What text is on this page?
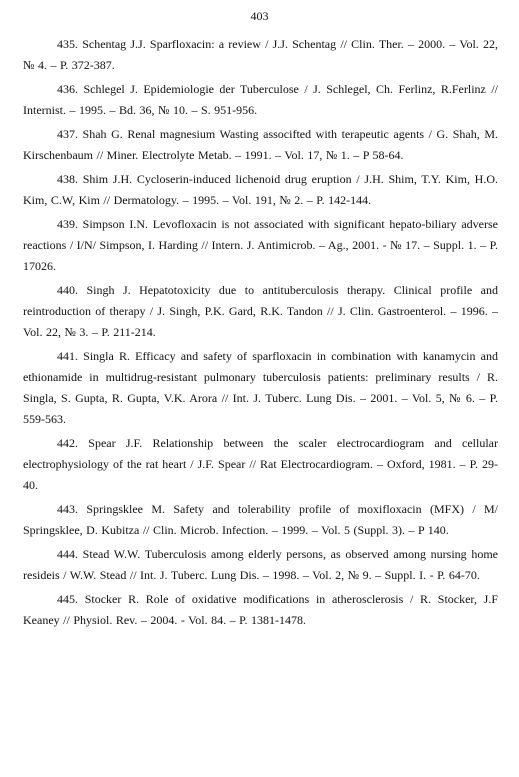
403

435. Schentag J.J. Sparfloxacin: a review / J.J. Schentag // Clin. Ther. – 2000. – Vol. 22, № 4. – P. 372-387.

436. Schlegel J. Epidemiologie der Tuberculose / J. Schlegel, Ch. Ferlinz, R.Ferlinz // Internist. – 1995. – Bd. 36, № 10. – S. 951-956.

437. Shah G. Renal magnesium Wasting associfted with terapeutic agents / G. Shah, M. Kirschenbaum // Miner. Electrolyte Metab. – 1991. – Vol. 17, № 1. – P 58-64.

438. Shim J.H. Cycloserin-induced lichenoid drug eruption / J.H. Shim, T.Y. Kim, H.O. Kim, C.W, Kim // Dermatology. – 1995. – Vol. 191, № 2. – P. 142-144.

439. Simpson I.N. Levofloxacin is not associated with significant hepato-biliary adverse reactions / I/N/ Simpson, I. Harding // Intern. J. Antimicrob. – Ag., 2001. - № 17. – Suppl. 1. – P. 17026.

440. Singh J. Hepatotoxicity due to antituberculosis therapy. Clinical profile and reintroduction of therapy / J. Singh, P.K. Gard, R.K. Tandon // J. Clin. Gastroenterol. – 1996. – Vol. 22, № 3. – P. 211-214.

441. Singla R. Efficacy and safety of sparfloxacin in combination with kanamycin and ethionamide in multidrug-resistant pulmonary tuberculosis patients: preliminary results / R. Singla, S. Gupta, R. Gupta, V.K. Arora // Int. J. Tuberc. Lung Dis. – 2001. – Vol. 5, № 6. – P. 559-563.

442. Spear J.F. Relationship between the scaler electrocardiogram and cellular electrophysiology of the rat heart / J.F. Spear // Rat Electrocardiogram. – Oxford, 1981. – P. 29-40.

443. Springsklee M. Safety and tolerability profile of moxifloxacin (MFX) / M/ Springsklee, D. Kubitza // Clin. Microb. Infection. – 1999. – Vol. 5 (Suppl. 3). – P 140.

444. Stead W.W. Tuberculosis among elderly persons, as observed among nursing home resideis / W.W. Stead // Int. J. Tuberc. Lung Dis. – 1998. – Vol. 2, № 9. – Suppl. I. - P. 64-70.

445. Stocker R. Role of oxidative modifications in atherosclerosis / R. Stocker, J.F Keaney // Physiol. Rev. – 2004. - Vol. 84. – P. 1381-1478.
